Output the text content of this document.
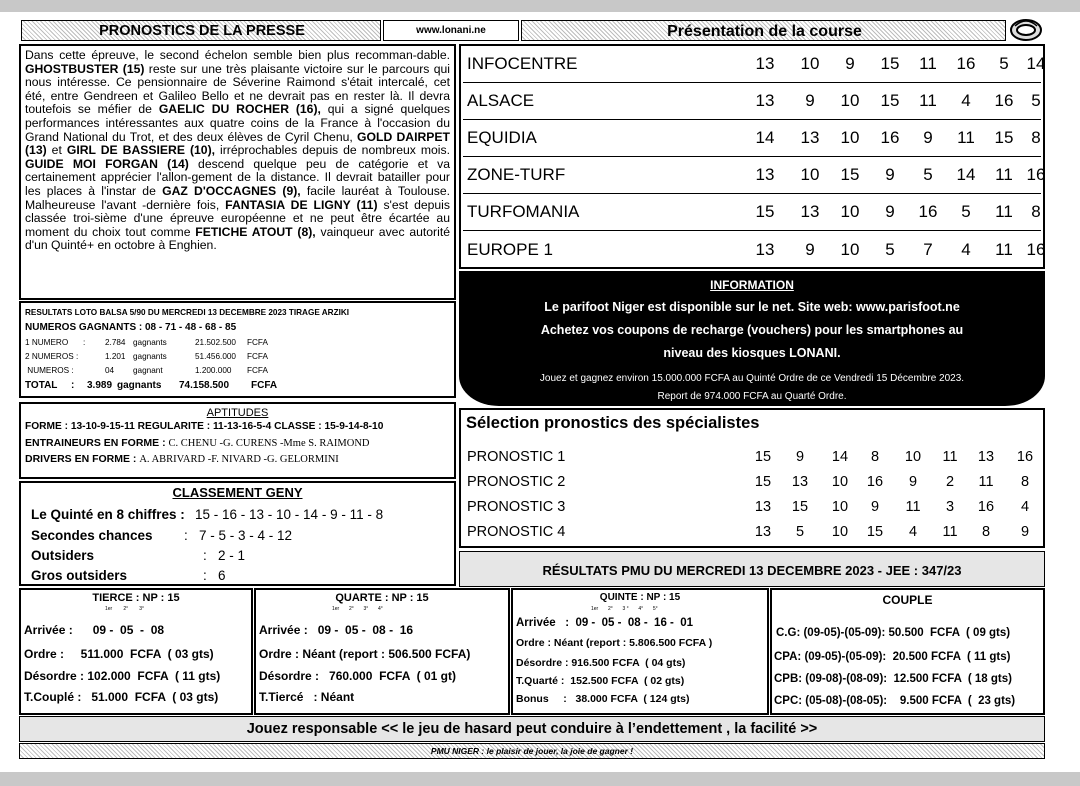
PRONOSTICS DE LA PRESSE	www.lonani.ne	Présentation de la course
Dans cette épreuve, le second échelon semble bien plus recomman-dable. GHOSTBUSTER (15) reste sur une très plaisante victoire sur le parcours qui nous intéresse. Ce pensionnaire de Séverine Raimond s'était intercalé, cet été, entre Gendreen et Galileo Bello et ne devrait pas en rester là. Il devra toutefois se méfier de GAELIC DU ROCHER (16), qui a signé quelques performances intéressantes aux quatre coins de la France à l'occasion du Grand National du Trot, et des deux élèves de Cyril Chenu, GOLD DAIRPET (13) et GIRL DE BASSIERE (10), irréprochables depuis de nombreux mois. GUIDE MOI FORGAN (14) descend quelque peu de catégorie et va certainement apprécier l'allon-gement de la distance. Il devrait batailler pour les places à l'instar de GAZ D'OCCAGNES (9), facile lauréat à Toulouse. Malheureuse l'avant -dernière fois, FANTASIA DE LIGNY (11) s'est depuis classée troi-sième d'une épreuve européenne et ne peut être écartée au moment du choix tout comme FETICHE ATOUT (8), vainqueur avec autorité d'un Quinté+ en octobre à Enghien.
INFOCENTRE	13	10	9	15	11	16	5	14
ALSACE	13	9	10	15	11	4	16	5
EQUIDIA	14	13	10	16	9	11	15	8
ZONE-TURF	13	10	15	9	5	14	11 16
TURFOMANIA	15	13	10	9	16	5	11	8
EUROPE 1	13	9	10	5	7	4	11 16
RESULTATS LOTO BALSA 5/90 DU MERCREDI 13 DECEMBRE 2023 TIRAGE ARZIKI
NUMEROS GAGNANTS : 08 - 71 - 48 - 68 - 85
1 NUMERO : 2.784 gagnants	21.502.500 FCFA
2 NUMEROS :	1.201 gagnants	51.456.000 FCFA
NUMEROS :	04 gagnant	1.200.000 FCFA
TOTAL : 3.989 gagnants 74.158.500 FCFA
INFORMATION
Le parifoot Niger est disponible sur le net. Site web: www.parisfoot.ne
Achetez vos coupons de recharge (vouchers) pour les smartphones au
niveau des kiosques LONANI.
Jouez et gagnez environ 15.000.000 FCFA au Quinté Ordre de ce Vendredi 15 Décembre 2023.
Report de 974.000 FCFA au Quarté Ordre.
APTITUDES
FORME : 13-10-9-15-11 REGULARITE : 11-13-16-5-4 CLASSE : 15-9-14-8-10
ENTRAINEURS EN FORME : C. CHENU -G. CURENS -Mme S. RAIMOND
DRIVERS EN FORME : A. ABRIVARD -F. NIVARD -G. GELORMINI
Sélection pronostics des spécialistes
PRONOSTIC 1	15	9	14	8	10	11	13	16
PRONOSTIC 2	15	13	10	16	9	2	11	8
PRONOSTIC 3	13	15	10	9	11	3	16	4
PRONOSTIC 4	13	5	10	15	4	11	8	9
CLASSEMENT GENY
Le Quinté en 8 chiffres : 15 - 16 - 13 - 10 - 14 - 9 - 11 - 8
Secondes chances :   7 - 5 - 3 - 4 - 12
Outsiders	:   2 - 1
Gros outsiders	:   6	RÉSULTATS PMU DU MERCREDI 13 DECEMBRE 2023 - JEE : 347/23
TIERCE : NP : 15
1er        2°        3°
Arrivée :      09 -  05  -  08
Ordre :     511.000  FCFA  ( 03 gts)
Désordre : 102.000  FCFA  ( 11 gts)
T.Couplé :   51.000  FCFA  ( 03 gts)
QUARTE : NP : 15
1er       2°       3°       4°
Arrivée :   09 -  05 -  08 -  16
Ordre : Néant (report : 506.500 FCFA)
Désordre :   760.000  FCFA  ( 01 gt)
T.Tiercé   : Néant
QUINTE : NP : 15
1er       2°       3 °       4°       5°
Arrivée   :  09 -  05 -  08 -  16 -  01
Ordre : Néant (report : 5.806.500 FCFA )
Désordre : 916.500 FCFA  ( 04 gts)
T.Quarté :  152.500 FCFA  ( 02 gts)
Bonus     :   38.000 FCFA  ( 124 gts)
COUPLE
C.G: (09-05)-(05-09): 50.500  FCFA  ( 09 gts)
CPA: (09-05)-(05-09):  20.500 FCFA  ( 11 gts)
CPB: (09-08)-(08-09):  12.500 FCFA  ( 18 gts)
CPC: (05-08)-(08-05):    9.500 FCFA  (  23 gts)
Jouez responsable << le jeu de hasard peut conduire à l’endettement , la facilité >>
PMU NIGER : le plaisir de jouer, la joie de gagner !
